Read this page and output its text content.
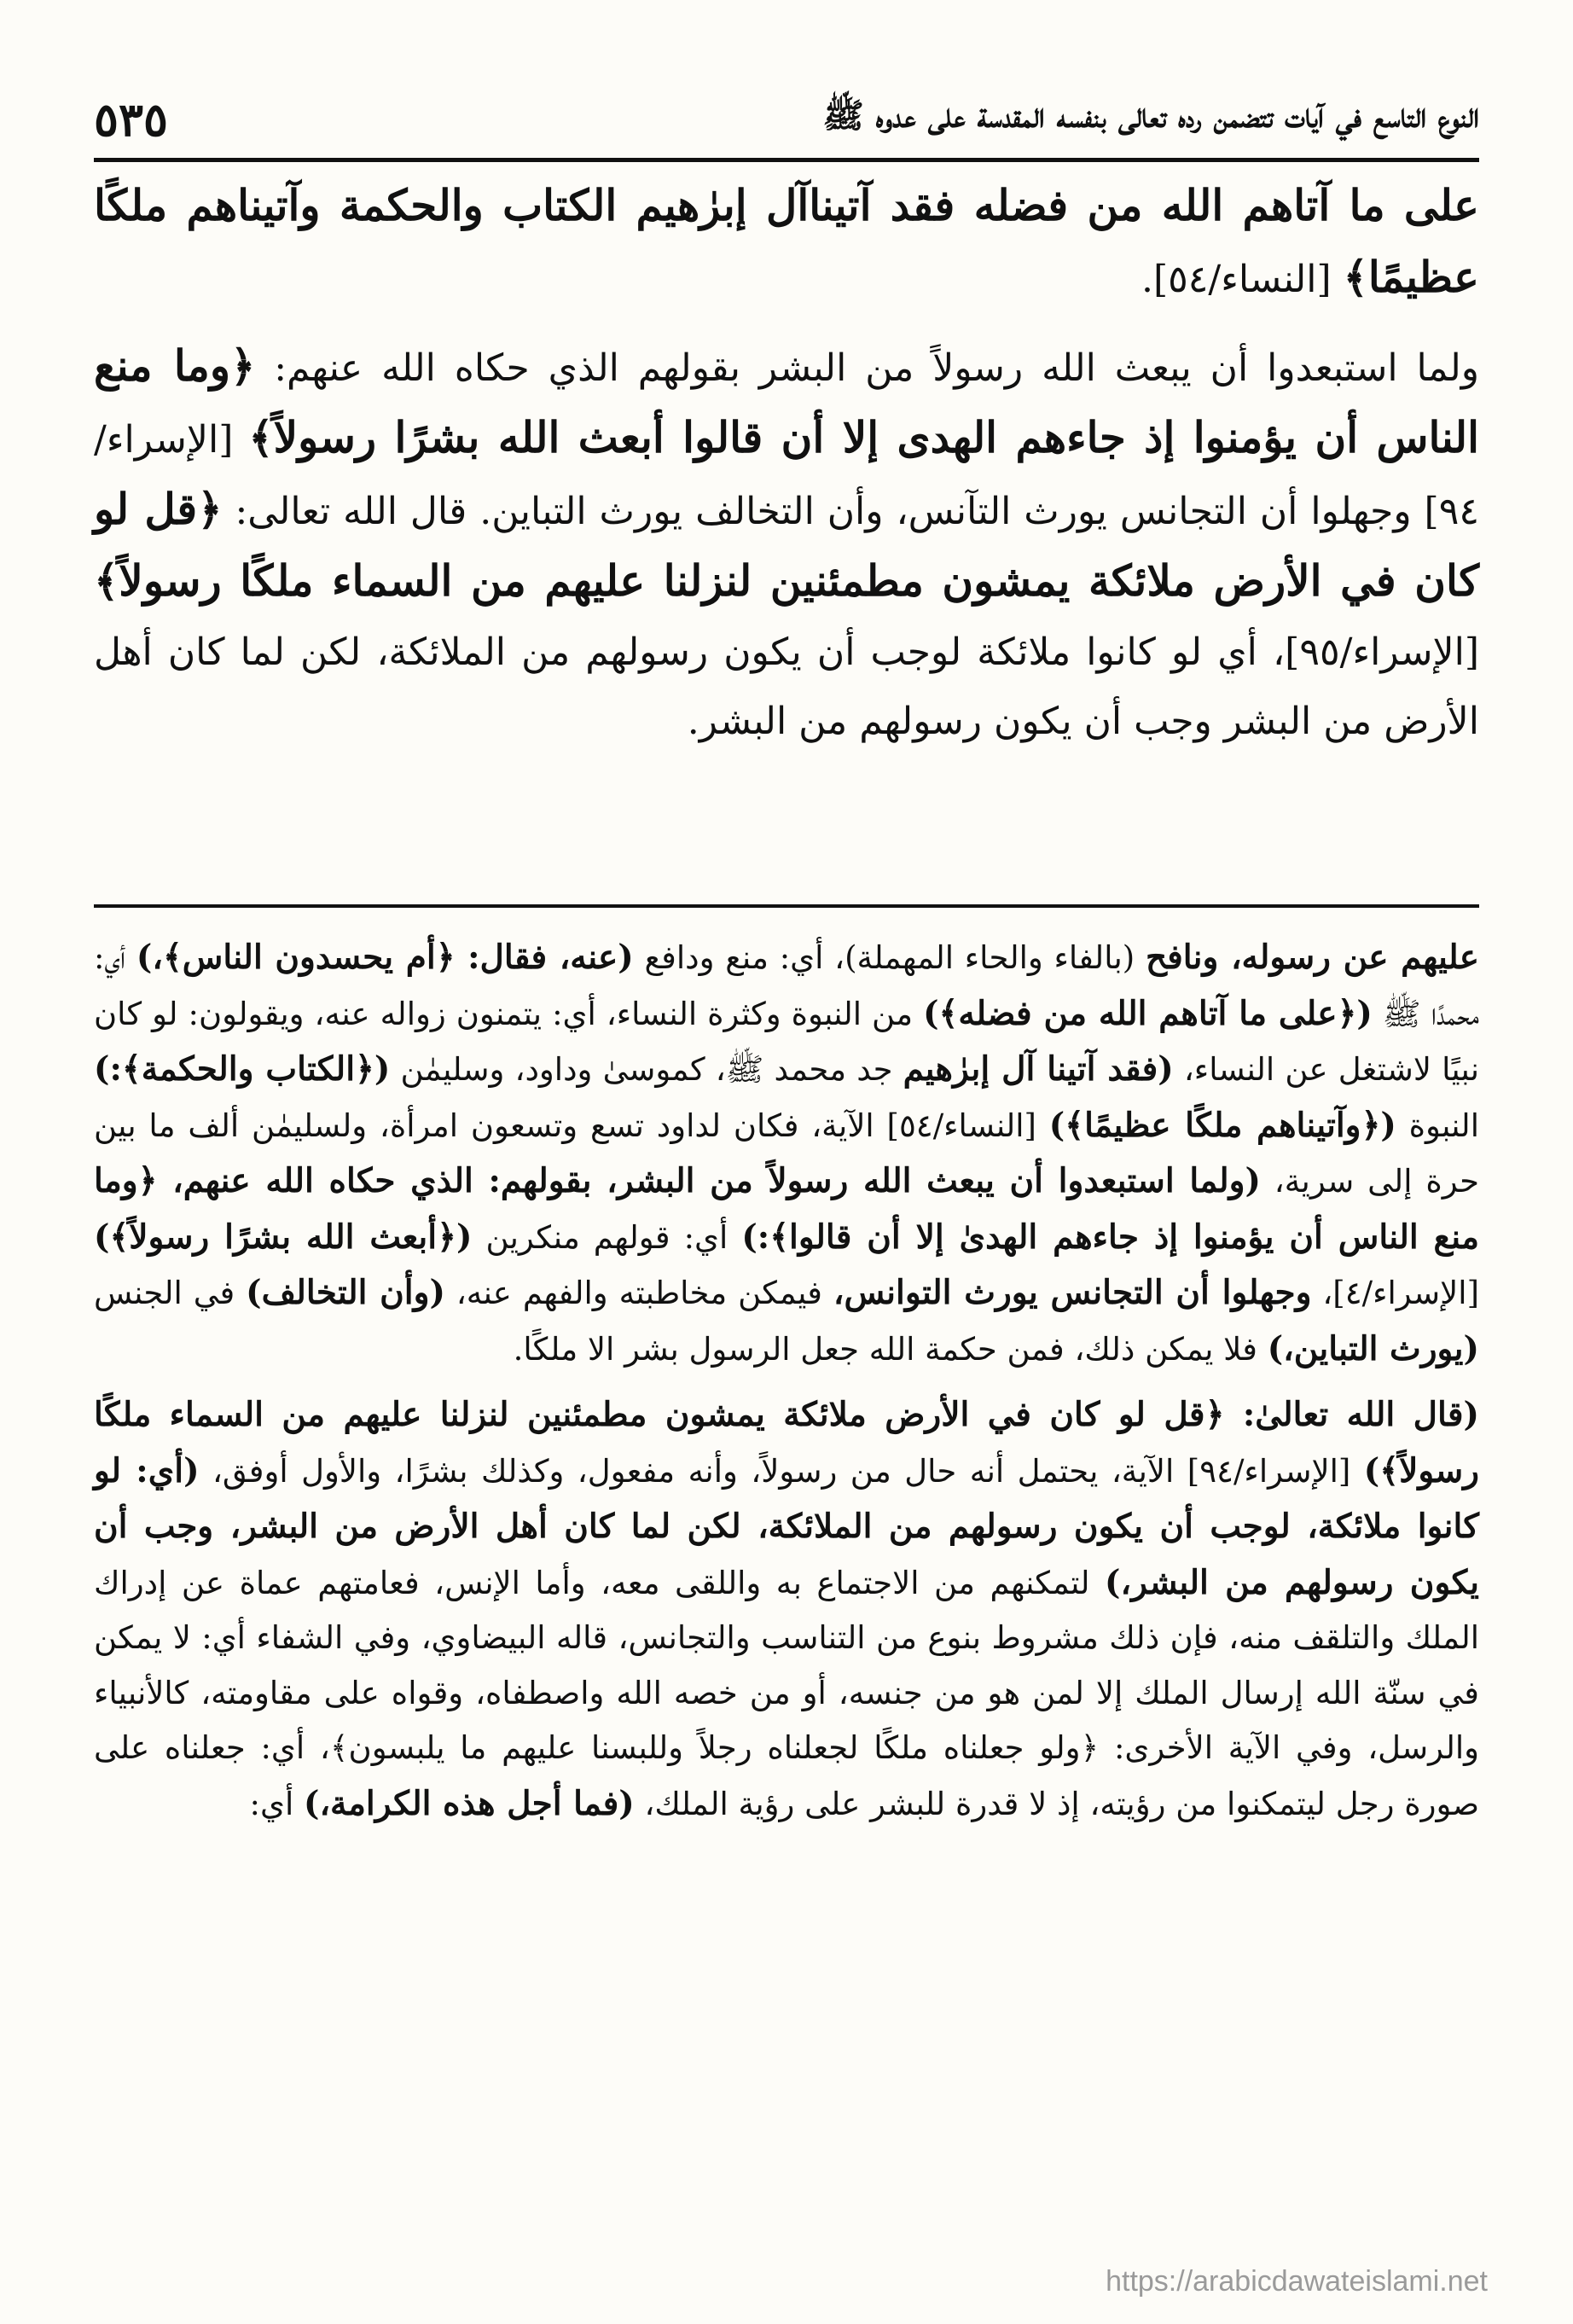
النوع التاسع في آيات تتضمن رده تعالى بنفسه المقدسة على عدوه ﷺ
٥٣٥

على ما آتاهم الله من فضله فقد آتيناآل إبرٰهيم الكتاب والحكمة وآتيناهم ملكًا عظيمًا﴾ [النساء/٥٤].

ولما استبعدوا أن يبعث الله رسولاً من البشر بقولهم الذي حكاه الله عنهم: ﴿وما منع الناس أن يؤمنوا إذ جاءهم الهدى إلا أن قالوا أبعث الله بشرًا رسولاً﴾ [الإسراء/٩٤] وجهلوا أن التجانس يورث التآنس، وأن التخالف يورث التباين. قال الله تعالى: ﴿قل لو كان في الأرض ملائكة يمشون مطمئنين لنزلنا عليهم من السماء ملكًا رسولاً﴾ [الإسراء/٩٥]، أي لو كانوا ملائكة لوجب أن يكون رسولهم من الملائكة، لكن لما كان أهل الأرض من البشر وجب أن يكون رسولهم من البشر.

عليهم عن رسوله، ونافح (بالفاء والحاء المهملة)، أي: منع ودافع (عنه، فقال: ﴿أم يحسدون الناس﴾،) أي: محمدًا ﷺ (﴿على ما آتاهم الله من فضله﴾) من النبوة وكثرة النساء، أي: يتمنون زواله عنه، ويقولون: لو كان نبيًا لاشتغل عن النساء، (فقد آتينا آل إبرٰهيم جد محمد ﷺ، كموسىٰ وداود، وسليمٰن (﴿الكتاب والحكمة﴾:) النبوة (﴿وآتيناهم ملكًا عظيمًا﴾) [النساء/٥٤] الآية، فكان لداود تسع وتسعون امرأة، ولسليمٰن ألف ما بين حرة إلى سرية، (ولما استبعدوا أن يبعث الله رسولاً من البشر، بقولهم: الذي حكاه الله عنهم، ﴿وما منع الناس أن يؤمنوا إذ جاءهم الهدىٰ إلا أن قالوا﴾:) أي: قولهم منكرين (﴿أبعث الله بشرًا رسولاً﴾) [الإسراء/٤]، وجهلوا أن التجانس يورث التوانس، فيمكن مخاطبته والفهم عنه، (وأن التخالف) في الجنس (يورث التباين،) فلا يمكن ذلك، فمن حكمة الله جعل الرسول بشر الا ملكًا.

(قال الله تعالىٰ: ﴿قل لو كان في الأرض ملائكة يمشون مطمئنين لنزلنا عليهم من السماء ملكًا رسولاً﴾) [الإسراء/٩٤] الآية، يحتمل أنه حال من رسولاً، وأنه مفعول، وكذلك بشرًا، والأول أوفق، (أي: لو كانوا ملائكة، لوجب أن يكون رسولهم من الملائكة، لكن لما كان أهل الأرض من البشر، وجب أن يكون رسولهم من البشر،) لتمكنهم من الاجتماع به واللقى معه، وأما الإنس، فعامتهم عماة عن إدراك الملك والتلقف منه، فإن ذلك مشروط بنوع من التناسب والتجانس، قاله البيضاوي، وفي الشفاء أي: لا يمكن في سنّة الله إرسال الملك إلا لمن هو من جنسه، أو من خصه الله واصطفاه، وقواه على مقاومته، كالأنبياء والرسل، وفي الآية الأخرى: ﴿ولو جعلناه ملكًا لجعلناه رجلاً وللبسنا عليهم ما يلبسون﴾، أي: جعلناه على صورة رجل ليتمكنوا من رؤيته، إذ لا قدرة للبشر على رؤية الملك، (فما أجل هذه الكرامة،) أي:

https://arabicdawateislami.net
